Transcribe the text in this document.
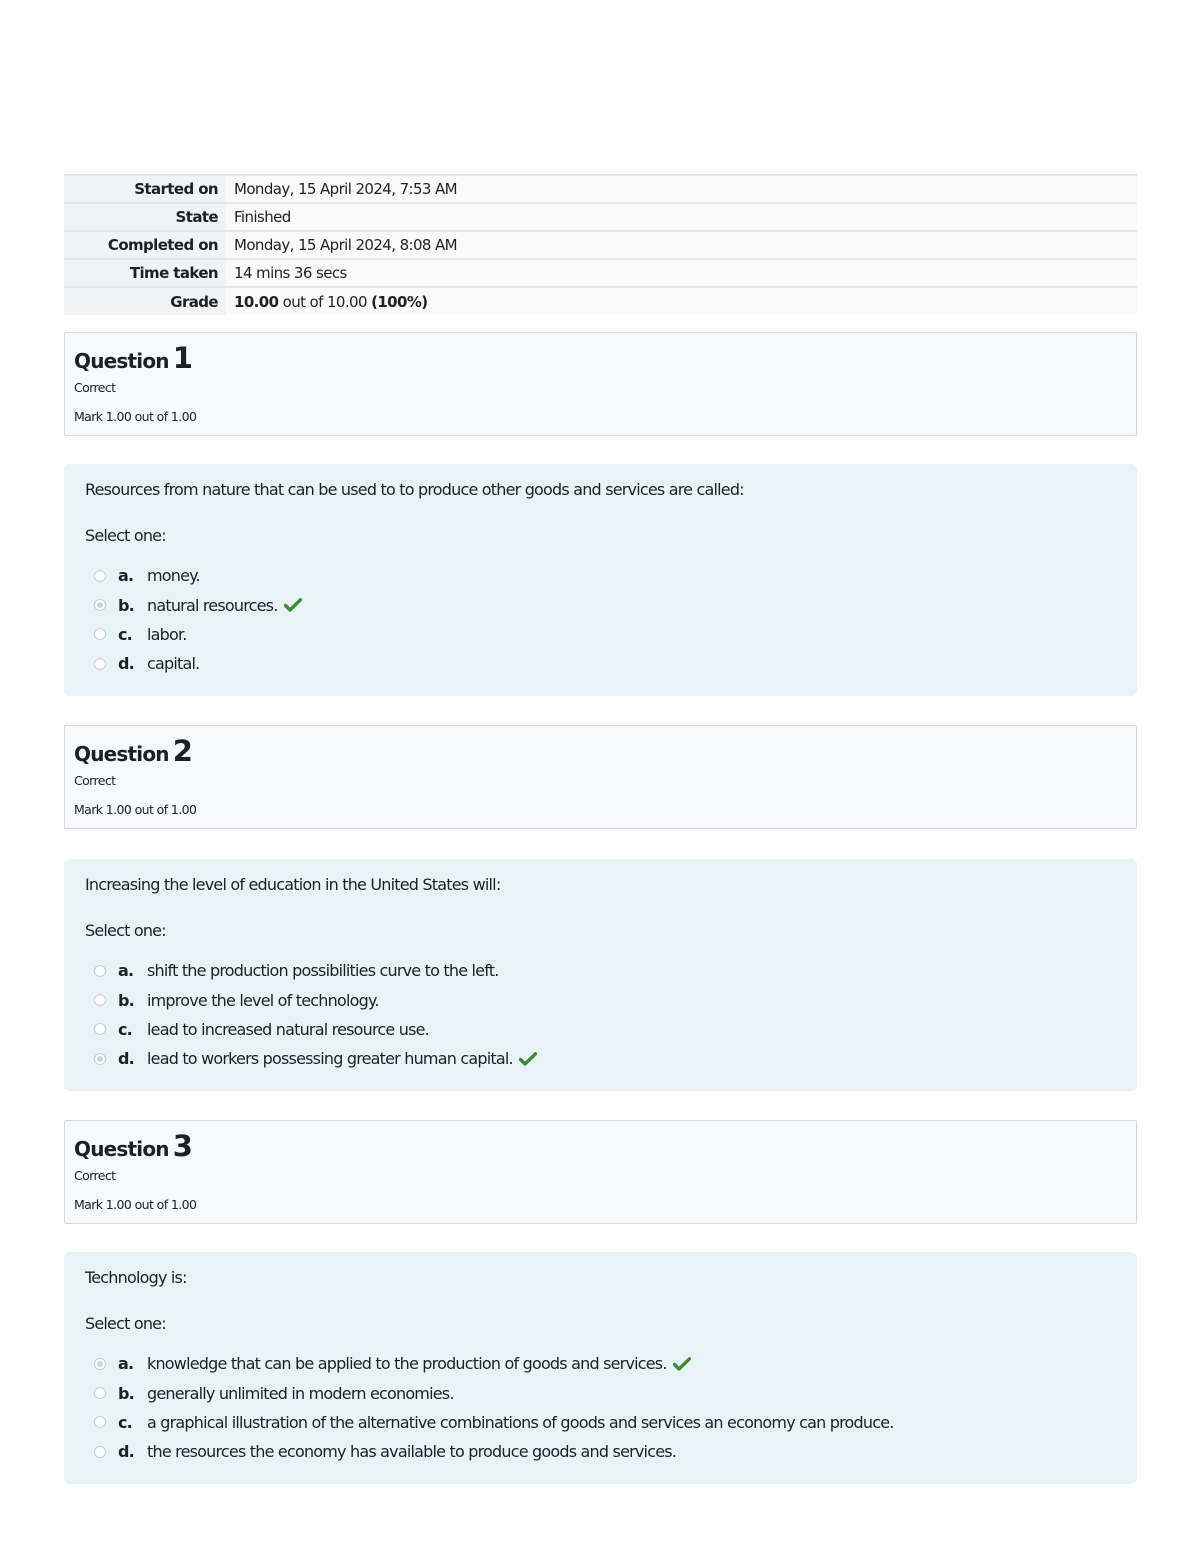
Started on	Monday, 15 April 2024, 7:53 AM
State	Finished
Completed on	Monday, 15 April 2024, 8:08 AM
Time taken	14 mins 36 secs
Grade	10.00 out of 10.00 (100%)
Question 1
Correct
Mark 1.00 out of 1.00
Resources from nature that can be used to to produce other goods and services are called:
Select one:
a. money.
b. natural resources.
c. labor.
d. capital.
Question 2
Correct
Mark 1.00 out of 1.00
Increasing the level of education in the United States will:
Select one:
a. shift the production possibilities curve to the left.
b. improve the level of technology.
c. lead to increased natural resource use.
d. lead to workers possessing greater human capital.
Question 3
Correct
Mark 1.00 out of 1.00
Technology is:
Select one:
a. knowledge that can be applied to the production of goods and services.
b. generally unlimited in modern economies.
c. a graphical illustration of the alternative combinations of goods and services an economy can produce.
d. the resources the economy has available to produce goods and services.
